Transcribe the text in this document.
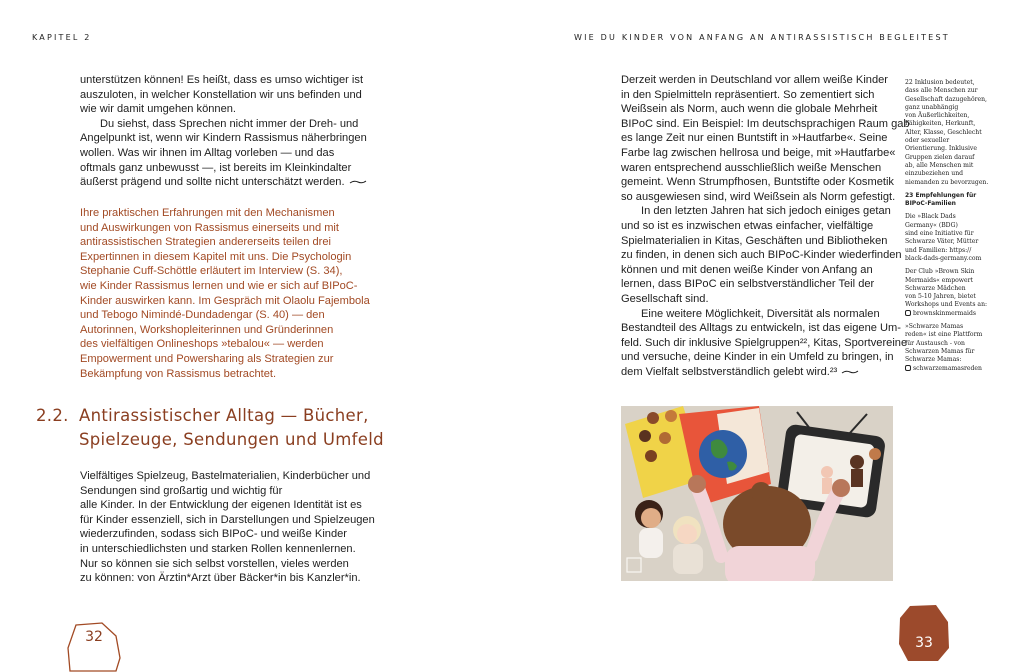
KAPITEL 2	WIE DU KINDER VON ANFANG AN ANTIRASSISTISCH BEGLEITEST

unterstützen können! Es heißt, dass es umso wichtiger ist
auszuloten, in welcher Konstellation wir uns befinden und
wie wir damit umgehen können.

Du siehst, dass Sprechen nicht immer der Dreh- und
Angelpunkt ist, wenn wir Kindern Rassismus näherbringen
wollen. Was wir ihnen im Alltag vorleben — und das
oftmals ganz unbewusst —, ist bereits im Kleinkindalter
äußerst prägend und sollte nicht unterschätzt werden.

Ihre praktischen Erfahrungen mit den Mechanismen
und Auswirkungen von Rassismus einerseits und mit
antirassistischen Strategien andererseits teilen drei
Expertinnen in diesem Kapitel mit uns. Die Psychologin
Stephanie Cuff-Schöttle erläutert im Interview (S. 34),
wie Kinder Rassismus lernen und wie er sich auf BIPoC-
Kinder auswirken kann. Im Gespräch mit Olaolu Fajembola
und Tebogo Nimindé-Dundadengar (S. 40) — den
Autorinnen, Workshopleiterinnen und Gründerinnen
des vielfältigen Onlineshops »tebalou« — werden
Empowerment und Powersharing als Strategien zur
Bekämpfung von Rassismus betrachtet.

2.2. Antirassistischer Alltag — Bücher,
Spielzeuge, Sendungen und Umfeld

Vielfältiges Spielzeug, Bastelmaterialien, Kinderbücher und
Sendungen sind großartig und wichtig für
alle Kinder. In der Entwicklung der eigenen Identität ist es
für Kinder essenziell, sich in Darstellungen und Spielzeugen
wiederzufinden, sodass sich BIPoC- und weiße Kinder
in unterschiedlichsten und starken Rollen kennenlernen.
Nur so können sie sich selbst vorstellen, vieles werden
zu können: von Ärztin*Arzt über Bäcker*in bis Kanzler*in.

32

Derzeit werden in Deutschland vor allem weiße Kinder
in den Spielmitteln repräsentiert. So zementiert sich
Weißsein als Norm, auch wenn die globale Mehrheit
BIPoC sind. Ein Beispiel: Im deutschsprachigen Raum gab
es lange Zeit nur einen Buntstift in »Hautfarbe«. Seine
Farbe lag zwischen hellrosa und beige, mit »Hautfarbe«
waren entsprechend ausschließlich weiße Menschen
gemeint. Wenn Strumpfhosen, Buntstifte oder Kosmetik
so ausgewiesen sind, wird Weißsein als Norm gefestigt.

In den letzten Jahren hat sich jedoch einiges getan
und so ist es inzwischen etwas einfacher, vielfältige
Spielmaterialien in Kitas, Geschäften und Bibliotheken
zu finden, in denen sich auch BIPoC-Kinder wiederfinden
können und mit denen weiße Kinder von Anfang an
lernen, dass BIPoC ein selbstverständlicher Teil der
Gesellschaft sind.

Eine weitere Möglichkeit, Diversität als normalen
Bestandteil des Alltags zu entwickeln, ist das eigene Um-
feld. Such dir inklusive Spielgruppen²², Kitas, Sportvereine
und versuche, deine Kinder in ein Umfeld zu bringen, in
dem Vielfalt selbstverständlich gelebt wird.²³

22 Inklusion bedeutet,
dass alle Menschen zur
Gesellschaft dazugehören,
ganz unabhängig
von Äußerlichkeiten,
Fähigkeiten, Herkunft,
Alter, Klasse, Geschlecht
oder sexueller
Orientierung. Inklusive
Gruppen zielen darauf
ab, alle Menschen mit
einzubeziehen und
niemanden zu bevorzugen.
23 Empfehlungen für
BIPoC-Familien
Die »Black Dads
Germany« (BDG)
sind eine Initiative für
Schwarze Väter, Mütter
und Familien: https://
black-dads-germany.com
Der Club »Brown Skin
Mermaids« empowert
Schwarze Mädchen
von 5-10 Jahren, bietet
Workshops und Events an:
brownskinmermaids
»Schwarze Mamas
reden« ist eine Plattform
für Austausch - von
Schwarzen Mamas für
Schwarze Mamas:
schwarzemamasreden
33
